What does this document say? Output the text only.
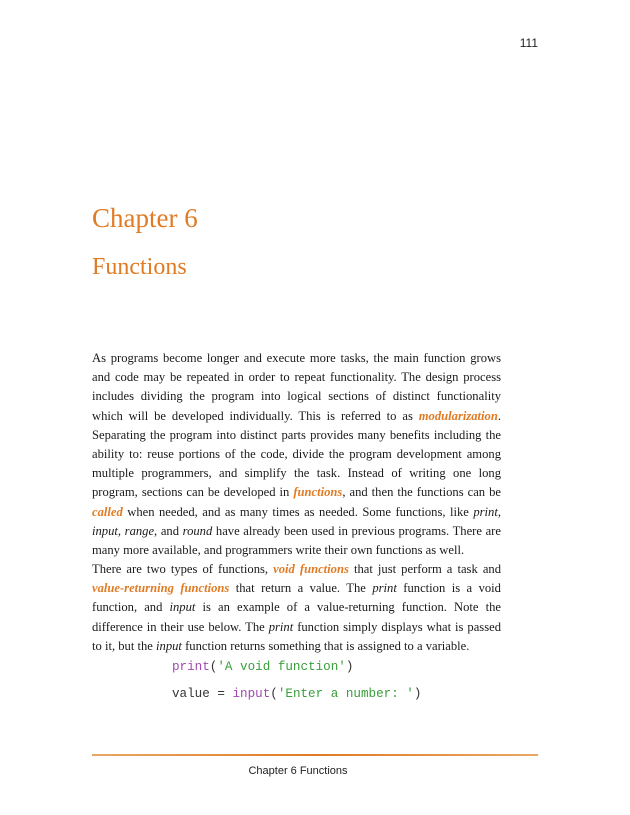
111
Chapter 6
Functions

As programs become longer and execute more tasks, the main function grows
and code may be repeated in order to repeat functionality. The design process
includes dividing the program into logical sections of distinct functionality
which will be developed individually. This is referred to as modularization.
Separating the program into distinct parts provides many benefits including the
ability to: reuse portions of the code, divide the program development among
multiple programmers, and simplify the task. Instead of writing one long
program, sections can be developed in functions, and then the functions can be
called when needed, and as many times as needed. Some functions, like print,
input, range, and round have already been used in previous programs. There are
many more available, and programmers write their own functions as well.

There are two types of functions, void functions that just perform a task and
value-returning functions that return a value. The print function is a void
function, and input is an example of a value-returning function. Note the
difference in their use below. The print function simply displays what is passed
to it, but the input function returns something that is assigned to a variable.

print('A void function')
value = input('Enter a number: ')
Chapter 6 Functions
